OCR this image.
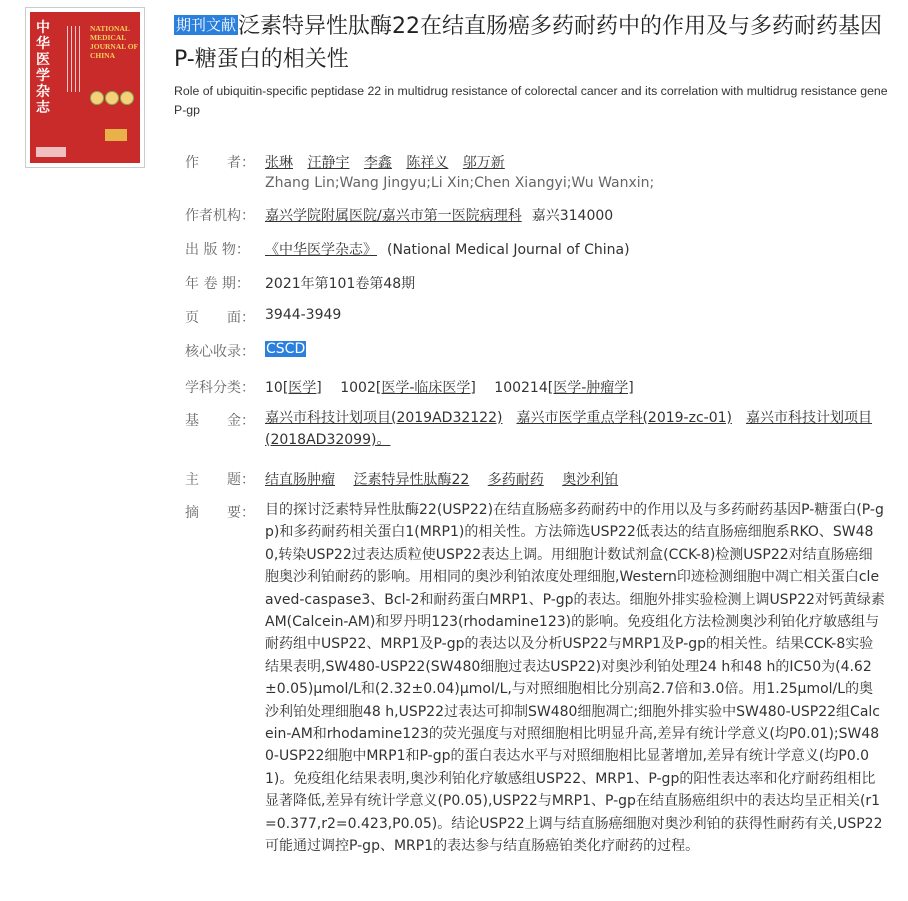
中华医学杂志
NATIONAL MEDICAL JOURNAL OF CHINA
期刊文献泛素特异性肽酶22在结直肠癌多药耐药中的作用及与多药耐药基因P-糖蛋白的相关性
Role of ubiquitin-specific peptidase 22 in multidrug resistance of colorectal cancer and its correlation with multidrug resistance gene P-gp
作　　者： 张琳 汪静宇 李鑫 陈祥义 邬万新
Zhang Lin;Wang Jingyu;Li Xin;Chen Xiangyi;Wu Wanxin;
作者机构： 嘉兴学院附属医院/嘉兴市第一医院病理科 嘉兴314000
出 版 物：	《中华医学杂志》 (National Medical Journal of China)
年 卷 期：	2021年第101卷第48期
页　　面： 3944-3949
核心收录： CSCD
学科分类： 10[医学] 1002[医学-临床医学] 100214[医学-肿瘤学]
基　　金： 嘉兴市科技计划项目(2019AD32122) 嘉兴市医学重点学科(2019-zc-01) 嘉兴市科技计划项目(2018AD32099)。
主　　题： 结直肠肿瘤 泛素特异性肽酶22 多药耐药 奥沙利铂
摘　　要： 目的探讨泛素特异性肽酶22(USP22)在结直肠癌多药耐药中的作用以及与多药耐药基因P-糖蛋白(P-gp)和多药耐药相关蛋白1(MRP1)的相关性。方法筛选USP22低表达的结直肠癌细胞系RKO、SW480,转染USP22过表达质粒使USP22表达上调。用细胞计数试剂盒(CCK-8)检测USP22对结直肠癌细胞奥沙利铂耐药的影响。用相同的奥沙利铂浓度处理细胞,Western印迹检测细胞中凋亡相关蛋白cleaved-caspase3、Bcl-2和耐药蛋白MRP1、P-gp的表达。细胞外排实验检测上调USP22对钙黄绿素AM(Calcein-AM)和罗丹明123(rhodamine123)的影响。免疫组化方法检测奥沙利铂化疗敏感组与耐药组中USP22、MRP1及P-gp的表达以及分析USP22与MRP1及P-gp的相关性。结果CCK-8实验结果表明,SW480-USP22(SW480细胞过表达USP22)对奥沙利铂处理24 h和48 h的IC50为(4.62±0.05)μmol/L和(2.32±0.04)μmol/L,与对照细胞相比分别高2.7倍和3.0倍。用1.25μmol/L的奥沙利铂处理细胞48 h,USP22过表达可抑制SW480细胞凋亡;细胞外排实验中SW480-USP22组Calcein-AM和rhodamine123的荧光强度与对照细胞相比明显升高,差异有统计学意义(均P0.01);SW480-USP22细胞中MRP1和P-gp的蛋白表达水平与对照细胞相比显著增加,差异有统计学意义(均P0.01)。免疫组化结果表明,奥沙利铂化疗敏感组USP22、MRP1、P-gp的阳性表达率和化疗耐药组相比显著降低,差异有统计学意义(P0.05),USP22与MRP1、P-gp在结直肠癌组织中的表达均呈正相关(r1=0.377,r2=0.423,P0.05)。结论USP22上调与结直肠癌细胞对奥沙利铂的获得性耐药有关,USP22可能通过调控P-gp、MRP1的表达参与结直肠癌铂类化疗耐药的过程。
